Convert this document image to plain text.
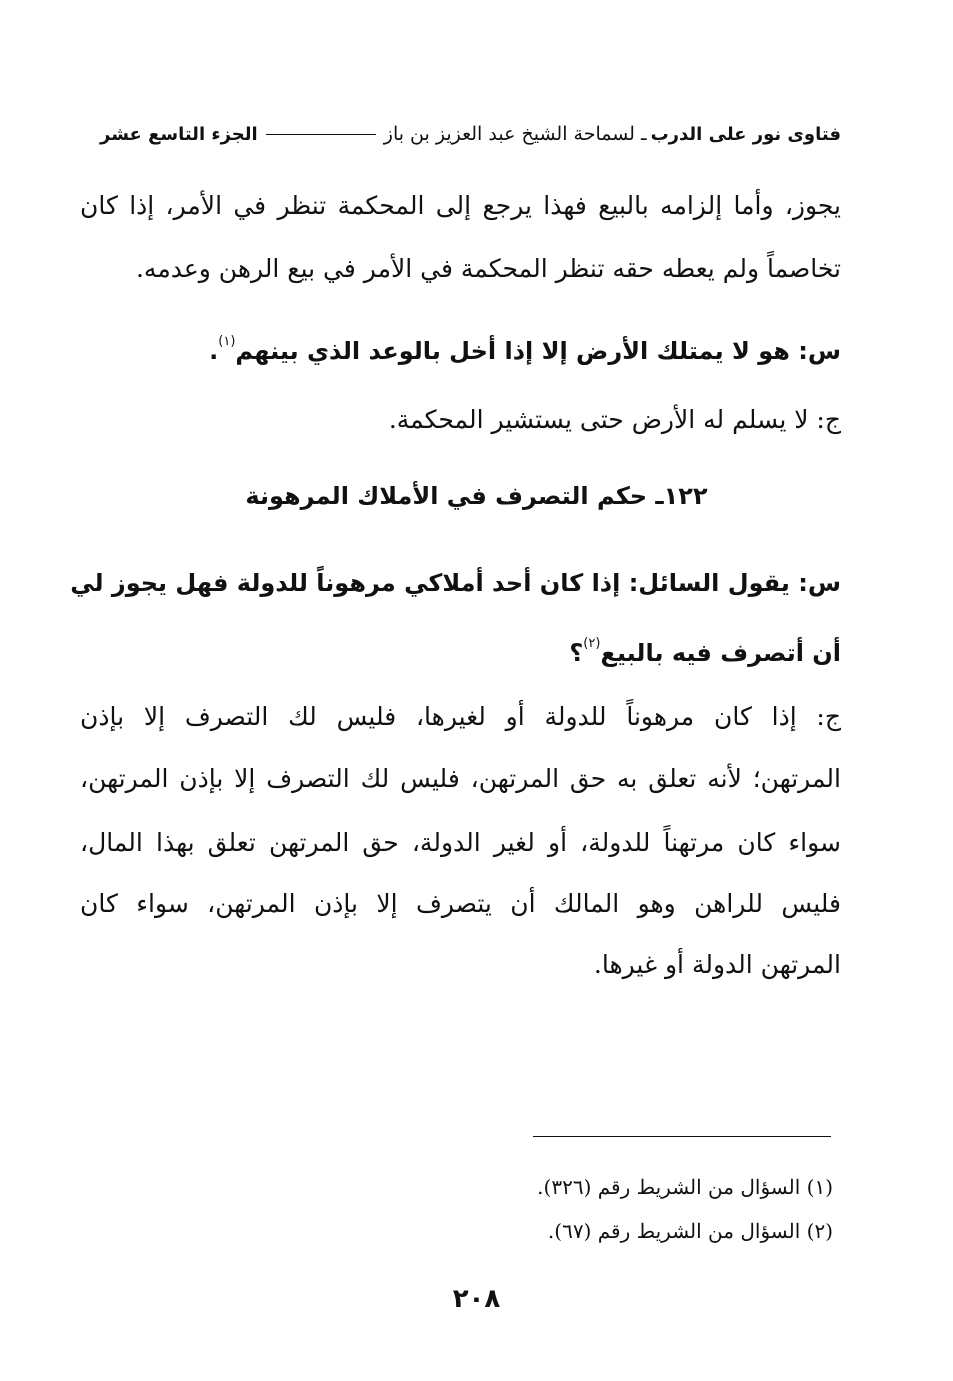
فتاوى نور على الدرب
ـ لسماحة الشيخ عبد العزيز بن باز
الجزء التاسع عشر
يجوز، وأما إلزامه بالبيع فهذا يرجع إلى المحكمة تنظر في الأمر، إذا كان
تخاصماً ولم يعطه حقه تنظر المحكمة في الأمر في بيع الرهن وعدمه.
س: هو لا يمتلك الأرض إلا إذا أخل بالوعد الذي بينهم$^{(١)}$.
ج: لا يسلم له الأرض حتى يستشير المحكمة.
١٢٢ـ حكم التصرف في الأملاك المرهونة
س: يقول السائل: إذا كان أحد أملاكي مرهوناً للدولة فهل يجوز لي
أن أتصرف فيه بالبيع$^{(٢)}$؟
ج: إذا كان مرهوناً للدولة أو لغيرها، فليس لك التصرف إلا بإذن
المرتهن؛ لأنه تعلق به حق المرتهن، فليس لك التصرف إلا بإذن المرتهن،
سواء كان مرتهناً للدولة، أو لغير الدولة، حق المرتهن تعلق بهذا المال،
فليس للراهن وهو المالك أن يتصرف إلا بإذن المرتهن، سواء كان
المرتهن الدولة أو غيرها.
(١) السؤال من الشريط رقم (٣٢٦).
(٢) السؤال من الشريط رقم (٦٧).
٢٠٨
